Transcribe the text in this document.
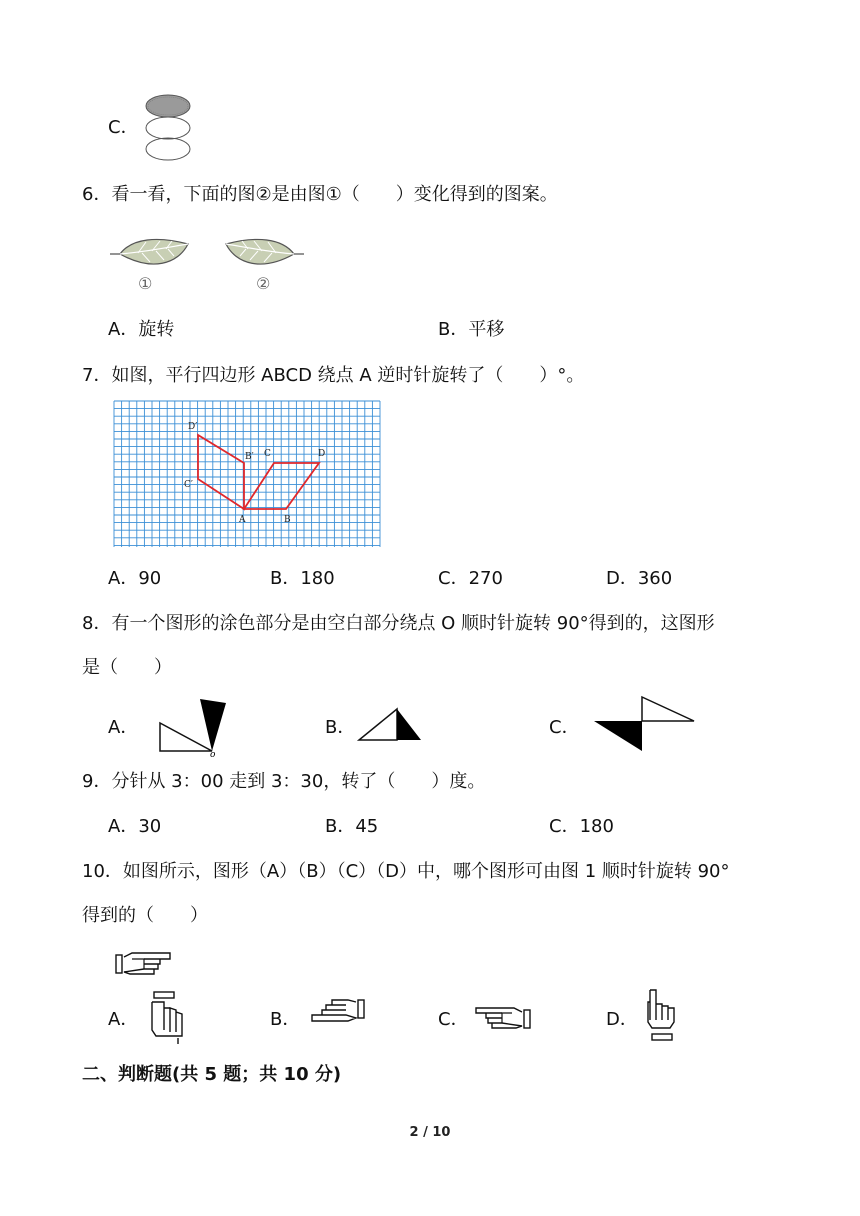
C．
6．看一看，下面的图②是由图①（　　）变化得到的图案。
①	②
A．旋转	B．平移
7．如图，平行四边形 ABCD 绕点 A 逆时针旋转了（　　）°。
A	B
C	D
B′
C′
D′
A．90	B．180	C．270	D．360
8．有一个图形的涂色部分是由空白部分绕点 O 顺时针旋转 90°得到的，这图形
是（　　）
A．
o
B．	C．
9．分针从 3：00 走到 3：30，转了（　　）度。
A．30	B．45	C．180
10．如图所示，图形（A）（B）（C）（D）中，哪个图形可由图 1 顺时针旋转 90°
得到的（　　）
A．	B．	C．	D．
二、判断题(共 5 题；共 10 分)
2 / 10
